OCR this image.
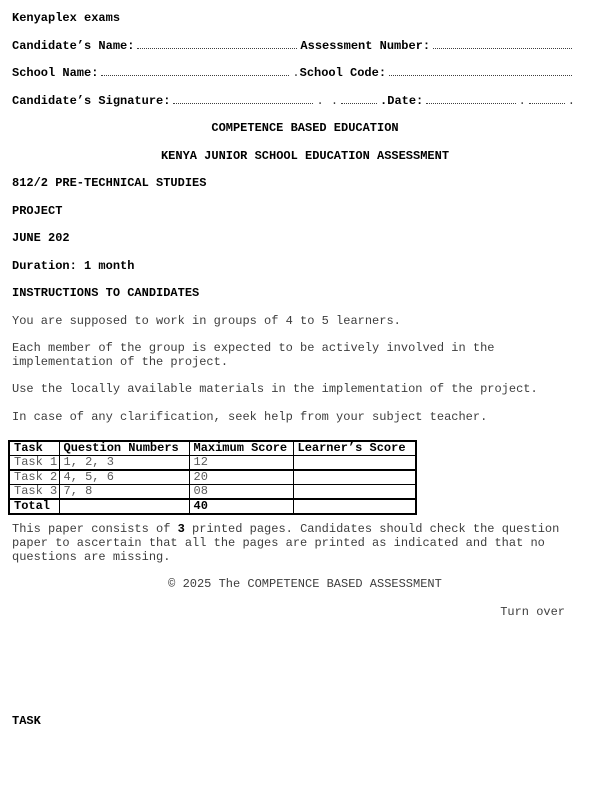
Kenyaplex exams
Candidate’s Name:	Assessment Number:
School Name:	. School Code:
Candidate’s Signature:	. .	.Date:	.	.
COMPETENCE BASED EDUCATION
KENYA JUNIOR SCHOOL EDUCATION ASSESSMENT
812/2 PRE-TECHNICAL STUDIES
PROJECT
JUNE 202
Duration: 1 month
INSTRUCTIONS TO CANDIDATES

You are supposed to work in groups of 4 to 5 learners.

Each member of the group is expected to be actively involved in the implementation of the project.

Use the locally available materials in the implementation of the project.

In case of any clarification, seek help from your subject teacher.

Task	Question Numbers	Maximum Score	Learner’s Score
Task 1	1, 2, 3	12	
Task 2	4, 5, 6	20	
Task 3	7, 8	08	
Total		40	

This paper consists of 3 printed pages. Candidates should check the question paper to ascertain that all the pages are printed as indicated and that no questions are missing.

© 2025 The COMPETENCE BASED ASSESSMENT
Turn over
TASK
